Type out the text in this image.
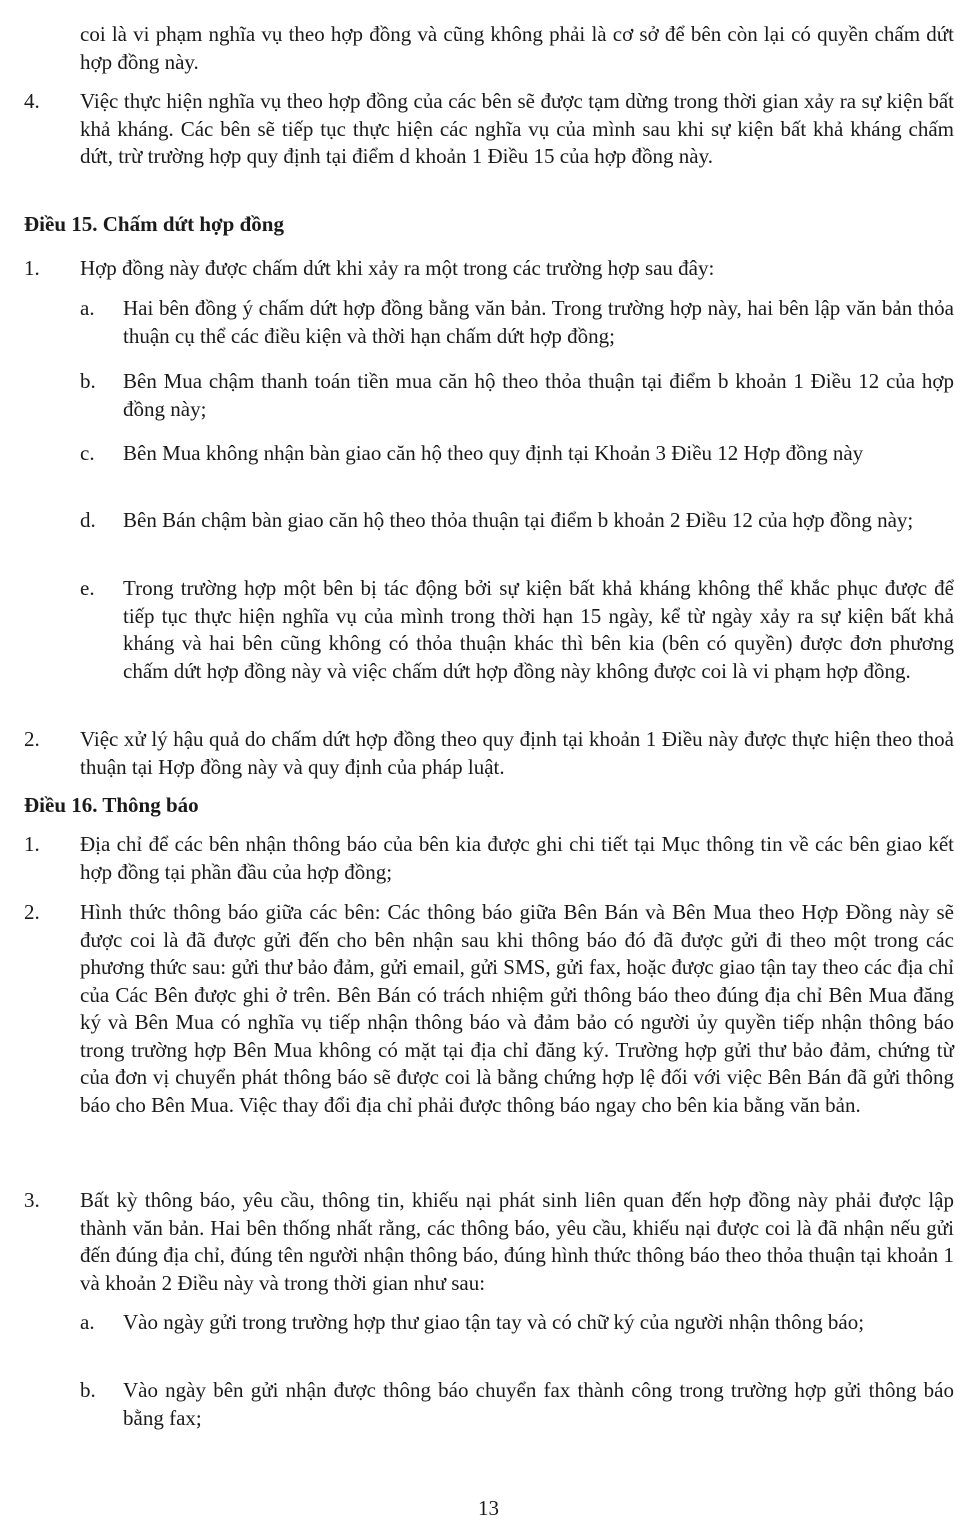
coi là vi phạm nghĩa vụ theo hợp đồng và cũng không phải là cơ sở để bên còn lại có quyền chấm dứt hợp đồng này.
4. Việc thực hiện nghĩa vụ theo hợp đồng của các bên sẽ được tạm dừng trong thời gian xảy ra sự kiện bất khả kháng. Các bên sẽ tiếp tục thực hiện các nghĩa vụ của mình sau khi sự kiện bất khả kháng chấm dứt, trừ trường hợp quy định tại điểm d khoản 1 Điều 15 của hợp đồng này.
Điều 15. Chấm dứt hợp đồng
1. Hợp đồng này được chấm dứt khi xảy ra một trong các trường hợp sau đây:
a. Hai bên đồng ý chấm dứt hợp đồng bằng văn bản. Trong trường hợp này, hai bên lập văn bản thỏa thuận cụ thể các điều kiện và thời hạn chấm dứt hợp đồng;
b. Bên Mua chậm thanh toán tiền mua căn hộ theo thỏa thuận tại điểm b khoản 1 Điều 12 của hợp đồng này;
c. Bên Mua không nhận bàn giao căn hộ theo quy định tại Khoản 3 Điều 12 Hợp đồng này
d. Bên Bán chậm bàn giao căn hộ theo thỏa thuận tại điểm b khoản 2 Điều 12 của hợp đồng này;
e. Trong trường hợp một bên bị tác động bởi sự kiện bất khả kháng không thể khắc phục được để tiếp tục thực hiện nghĩa vụ của mình trong thời hạn 15 ngày, kể từ ngày xảy ra sự kiện bất khả kháng và hai bên cũng không có thỏa thuận khác thì bên kia (bên có quyền) được đơn phương chấm dứt hợp đồng này và việc chấm dứt hợp đồng này không được coi là vi phạm hợp đồng.
2. Việc xử lý hậu quả do chấm dứt hợp đồng theo quy định tại khoản 1 Điều này được thực hiện theo thoả thuận tại Hợp đồng này và quy định của pháp luật.
Điều 16. Thông báo
1. Địa chỉ để các bên nhận thông báo của bên kia được ghi chi tiết tại Mục thông tin về các bên giao kết hợp đồng tại phần đầu của hợp đồng;
2. Hình thức thông báo giữa các bên: Các thông báo giữa Bên Bán và Bên Mua theo Hợp Đồng này sẽ được coi là đã được gửi đến cho bên nhận sau khi thông báo đó đã được gửi đi theo một trong các phương thức sau: gửi thư bảo đảm, gửi email, gửi SMS, gửi fax, hoặc được giao tận tay theo các địa chỉ của Các Bên được ghi ở trên. Bên Bán có trách nhiệm gửi thông báo theo đúng địa chỉ Bên Mua đăng ký và Bên Mua có nghĩa vụ tiếp nhận thông báo và đảm bảo có người ủy quyền tiếp nhận thông báo trong trường hợp Bên Mua không có mặt tại địa chỉ đăng ký. Trường hợp gửi thư bảo đảm, chứng từ của đơn vị chuyển phát thông báo sẽ được coi là bằng chứng hợp lệ đối với việc Bên Bán đã gửi thông báo cho Bên Mua. Việc thay đổi địa chỉ phải được thông báo ngay cho bên kia bằng văn bản.
3. Bất kỳ thông báo, yêu cầu, thông tin, khiếu nại phát sinh liên quan đến hợp đồng này phải được lập thành văn bản. Hai bên thống nhất rằng, các thông báo, yêu cầu, khiếu nại được coi là đã nhận nếu gửi đến đúng địa chỉ, đúng tên người nhận thông báo, đúng hình thức thông báo theo thỏa thuận tại khoản 1 và khoản 2 Điều này và trong thời gian như sau:
a. Vào ngày gửi trong trường hợp thư giao tận tay và có chữ ký của người nhận thông báo;
b. Vào ngày bên gửi nhận được thông báo chuyển fax thành công trong trường hợp gửi thông báo bằng fax;
13
